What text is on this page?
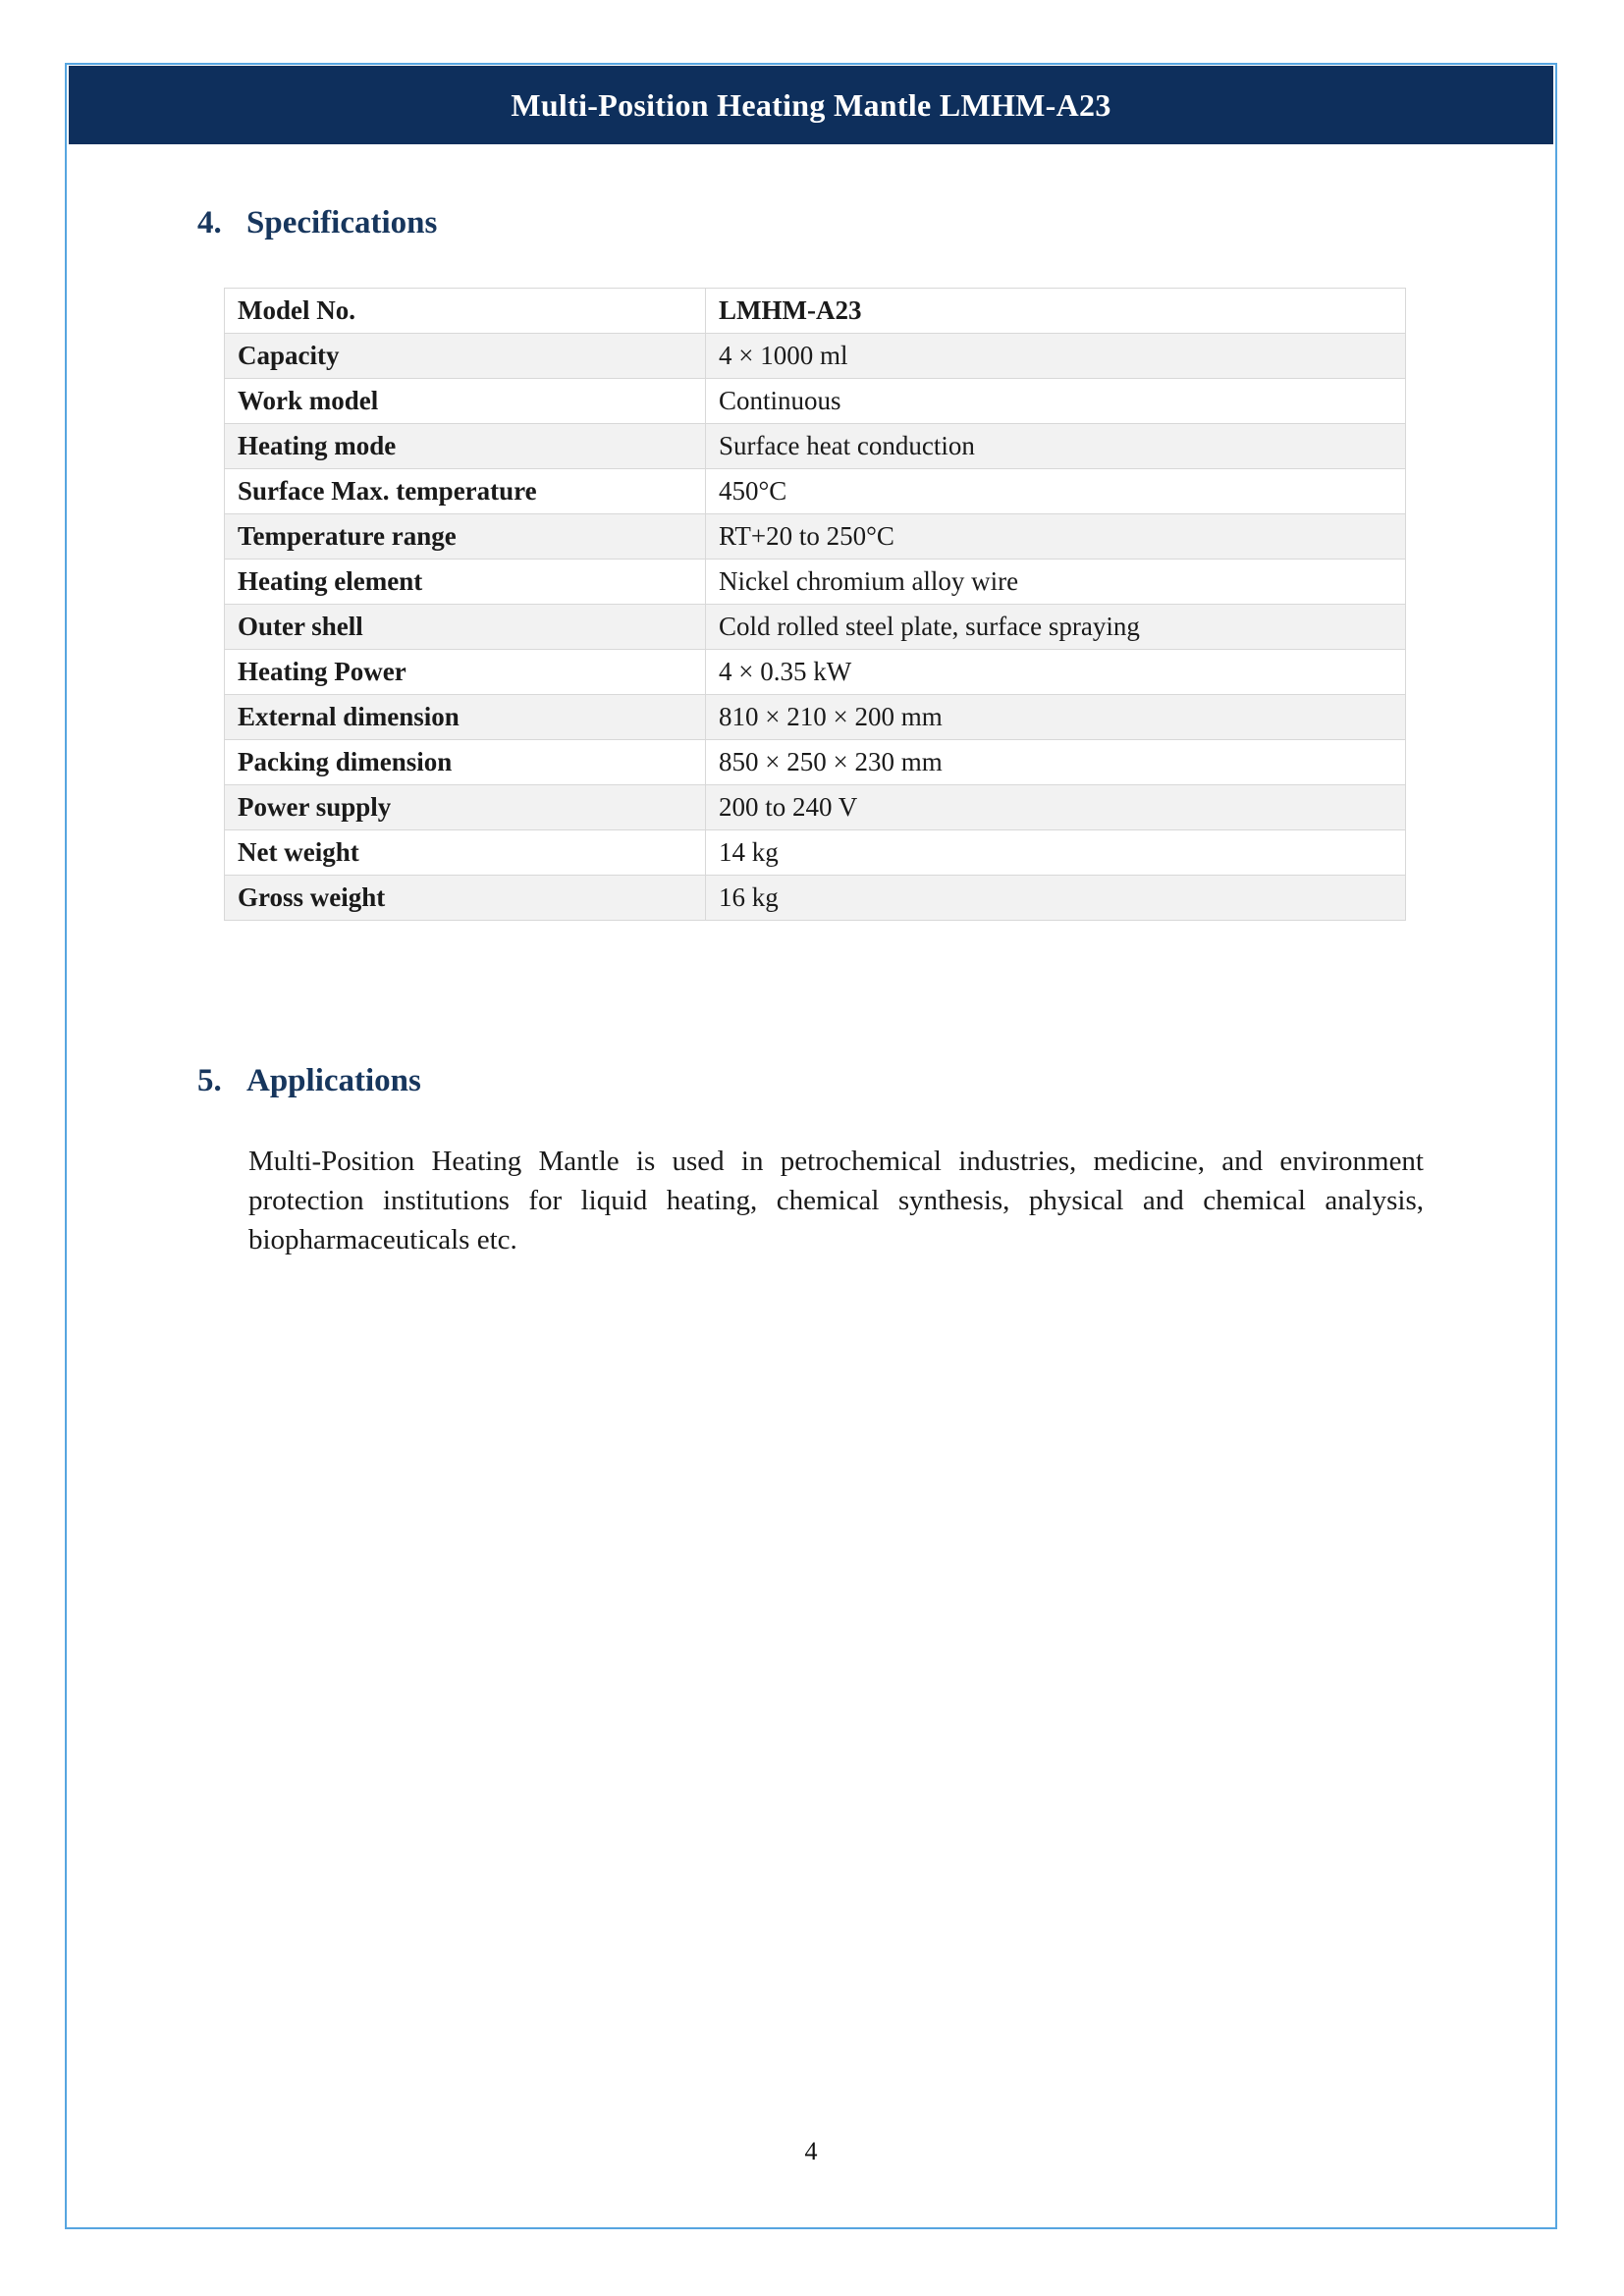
Multi-Position Heating Mantle LMHM-A23
4. Specifications
Model No.	LMHM-A23
Capacity	4 × 1000 ml
Work model	Continuous
Heating mode	Surface heat conduction
Surface Max. temperature	450°C
Temperature range	RT+20 to 250°C
Heating element	Nickel chromium alloy wire
Outer shell	Cold rolled steel plate, surface spraying
Heating Power	4 × 0.35 kW
External dimension	810 × 210 × 200 mm
Packing dimension	850 × 250 × 230 mm
Power supply	200 to 240 V
Net weight	14 kg
Gross weight	16 kg
5. Applications

Multi-Position Heating Mantle is used in petrochemical industries, medicine, and environment protection institutions for liquid heating, chemical synthesis, physical and chemical analysis, biopharmaceuticals etc.

4
